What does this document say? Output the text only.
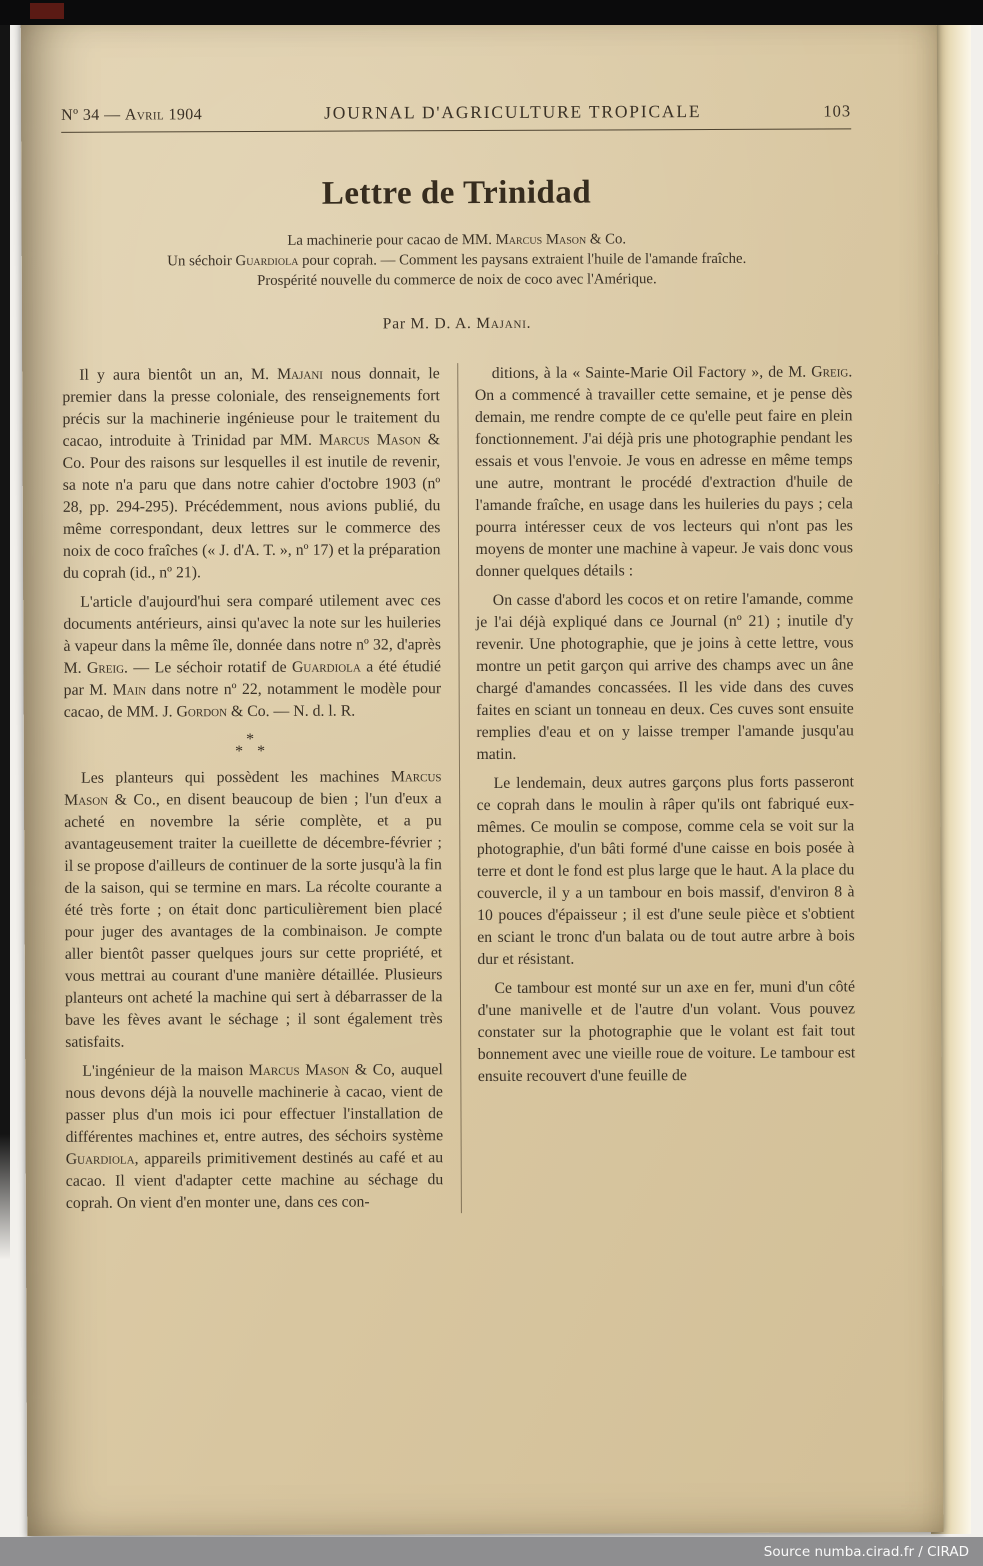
Nº 34 — Avril 1904	JOURNAL D'AGRICULTURE TROPICALE	103
Lettre de Trinidad

La machinerie pour cacao de MM. Marcus Mason & Co.

Un séchoir Guardiola pour coprah. — Comment les paysans extraient l'huile de l'amande fraîche.

Prospérité nouvelle du commerce de noix de coco avec l'Amérique.

Par M. D. A. Majani.

Il y aura bientôt un an, M. Majani nous donnait, le premier dans la presse coloniale, des renseignements fort précis sur la machinerie ingénieuse pour le traitement du cacao, introduite à Trinidad par MM. Marcus Mason & Co. Pour des raisons sur lesquelles il est inutile de revenir, sa note n'a paru que dans notre cahier d'octobre 1903 (nº 28, pp. 294-295). Précédemment, nous avions publié, du même correspondant, deux lettres sur le commerce des noix de coco fraîches (« J. d'A. T. », nº 17) et la préparation du coprah (id., nº 21).

L'article d'aujourd'hui sera comparé utilement avec ces documents antérieurs, ainsi qu'avec la note sur les huileries à vapeur dans la même île, donnée dans notre nº 32, d'après M. Greig. — Le séchoir rotatif de Guardiola a été étudié par M. Main dans notre nº 22, notamment le modèle pour cacao, de MM. J. Gordon & Co. — N. d. l. R.

*
* *

Les planteurs qui possèdent les machines Marcus Mason & Co., en disent beaucoup de bien ; l'un d'eux a acheté en novembre la série complète, et a pu avantageusement traiter la cueillette de décembre-février ; il se propose d'ailleurs de continuer de la sorte jusqu'à la fin de la saison, qui se termine en mars. La récolte courante a été très forte ; on était donc particulièrement bien placé pour juger des avantages de la combinaison. Je compte aller bientôt passer quelques jours sur cette propriété, et vous mettrai au courant d'une manière détaillée. Plusieurs planteurs ont acheté la machine qui sert à débarrasser de la bave les fèves avant le séchage ; il sont également très satisfaits.

L'ingénieur de la maison Marcus Mason & Co, auquel nous devons déjà la nouvelle machinerie à cacao, vient de passer plus d'un mois ici pour effectuer l'installation de différentes machines et, entre autres, des séchoirs système Guardiola, appareils primitivement destinés au café et au cacao. Il vient d'adapter cette machine au séchage du coprah. On vient d'en monter une, dans ces con-

ditions, à la « Sainte-Marie Oil Factory », de M. Greig. On a commencé à travailler cette semaine, et je pense dès demain, me rendre compte de ce qu'elle peut faire en plein fonctionnement. J'ai déjà pris une photographie pendant les essais et vous l'envoie. Je vous en adresse en même temps une autre, montrant le procédé d'extraction d'huile de l'amande fraîche, en usage dans les huileries du pays ; cela pourra intéresser ceux de vos lecteurs qui n'ont pas les moyens de monter une machine à vapeur. Je vais donc vous donner quelques détails :

On casse d'abord les cocos et on retire l'amande, comme je l'ai déjà expliqué dans ce Journal (nº 21) ; inutile d'y revenir. Une photographie, que je joins à cette lettre, vous montre un petit garçon qui arrive des champs avec un âne chargé d'amandes concassées. Il les vide dans des cuves faites en sciant un tonneau en deux. Ces cuves sont ensuite remplies d'eau et on y laisse tremper l'amande jusqu'au matin.

Le lendemain, deux autres garçons plus forts passeront ce coprah dans le moulin à râper qu'ils ont fabriqué eux-mêmes. Ce moulin se compose, comme cela se voit sur la photographie, d'un bâti formé d'une caisse en bois posée à terre et dont le fond est plus large que le haut. A la place du couvercle, il y a un tambour en bois massif, d'environ 8 à 10 pouces d'épaisseur ; il est d'une seule pièce et s'obtient en sciant le tronc d'un balata ou de tout autre arbre à bois dur et résistant.

Ce tambour est monté sur un axe en fer, muni d'un côté d'une manivelle et de l'autre d'un volant. Vous pouvez constater sur la photographie que le volant est fait tout bonnement avec une vieille roue de voiture. Le tambour est ensuite recouvert d'une feuille de

Source numba.cirad.fr / CIRAD
